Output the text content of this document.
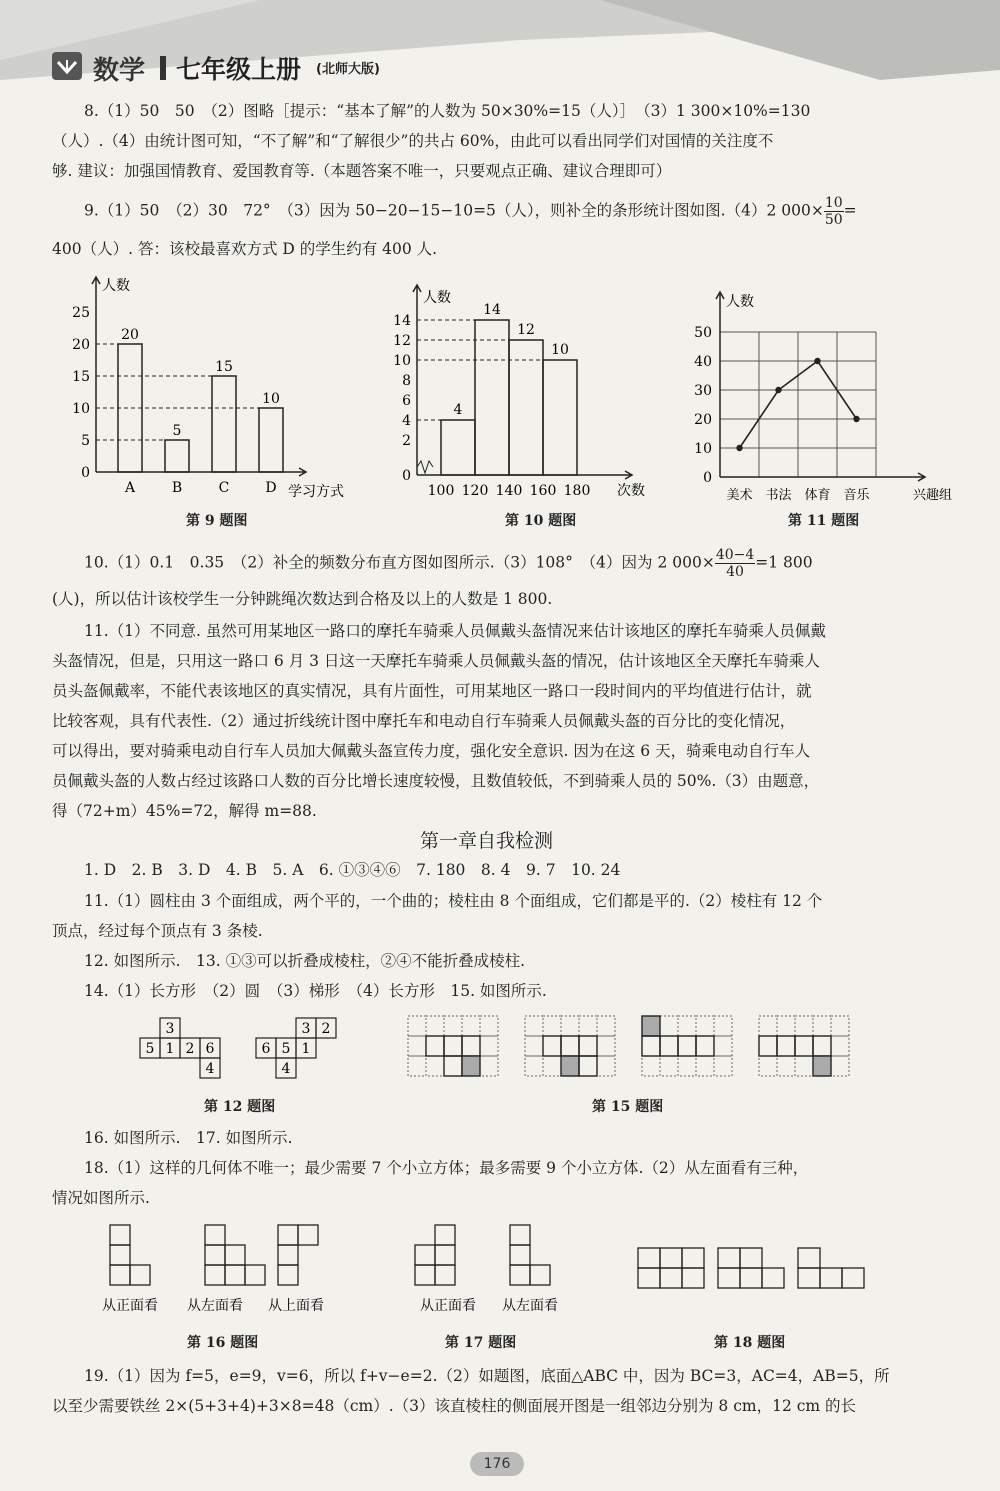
数学 七年级上册 (北师大版)
8.（1）50　50　（2）图略［提示：“基本了解”的人数为 50×30%=15（人）］　（3）1 300×10%=130
（人）.（4）由统计图可知，“不了解”和“了解很少”的共占 60%，由此可以看出同学们对国情的关注度不
够. 建议：加强国情教育、爱国教育等.（本题答案不唯一，只要观点正确、建议合理即可）
9.（1）50　（2）30　72°　（3）因为 50−20−15−10=5（人），则补全的条形统计图如图.（4）2 $000\times \frac{10}{50}$ =
400（人）. 答：该校最喜欢方式 D 的学生约有 400 人.
人数
0
5
10
15
20
25
20
A
5
B
15
C
10
D 学习方式
人数
0
2
4
6
8
10
12
14
4
14
12
10
100 120 140 160 180 次数
人数
0
10
20
30
40
50
美术 书法 体育 音乐	兴趣组
第 9 题图	第 10 题图	第 11 题图
10.（1）0.1　0.35　（2）补全的频数分布直方图如图所示.（3）108°　（4）因为 2 $000\times \frac{40-4}{40} =1$ 800
(人)，所以估计该校学生一分钟跳绳次数达到合格及以上的人数是 1 800.
11.（1）不同意. 虽然可用某地区一路口的摩托车骑乘人员佩戴头盔情况来估计该地区的摩托车骑乘人员佩戴
头盔情况，但是，只用这一路口 6 月 3 日这一天摩托车骑乘人员佩戴头盔的情况，估计该地区全天摩托车骑乘人
员头盔佩戴率，不能代表该地区的真实情况，具有片面性，可用某地区一路口一段时间内的平均值进行估计，就
比较客观，具有代表性.（2）通过折线统计图中摩托车和电动自行车骑乘人员佩戴头盔的百分比的变化情况，
可以得出，要对骑乘电动自行车人员加大佩戴头盔宣传力度，强化安全意识. 因为在这 6 天，骑乘电动自行车人
员佩戴头盔的人数占经过该路口人数的百分比增长速度较慢，且数值较低，不到骑乘人员的 50%.（3）由题意，
得（72+m）45%=72，解得 m=88.
第一章自我检测
1. D　2. B　3. D　4. B　5. A　6. ①③④⑥　7. 180　8. 4　9. 7　10. 24
11.（1）圆柱由 3 个面组成，两个平的，一个曲的；棱柱由 8 个面组成，它们都是平的.（2）棱柱有 12 个
顶点，经过每个顶点有 3 条棱.
12. 如图所示.　13. ①③可以折叠成棱柱，②④不能折叠成棱柱.
14.（1）长方形　（2）圆　（3）梯形　（4）长方形　15. 如图所示.
3
5 1 2 6
4
3 2
6 5 1
4
第 12 题图	第 15 题图
16. 如图所示.　17. 如图所示.
18.（1）这样的几何体不唯一；最少需要 7 个小立方体；最多需要 9 个小立方体.（2）从左面看有三种，
情况如图所示.
从正面看 从左面看 从上面看	从正面看 从左面看
第 16 题图	第 17 题图	第 18 题图
19.（1）因为 f=5，e=9，v=6，所以 f+v−e=2.（2）如题图，底面△ABC 中，因为 BC=3，AC=4，AB=5，所
以至少需要铁丝 2×(5+3+4)+3×8=48（cm）.（3）该直棱柱的侧面展开图是一组邻边分别为 8 cm，12 cm 的长
176
